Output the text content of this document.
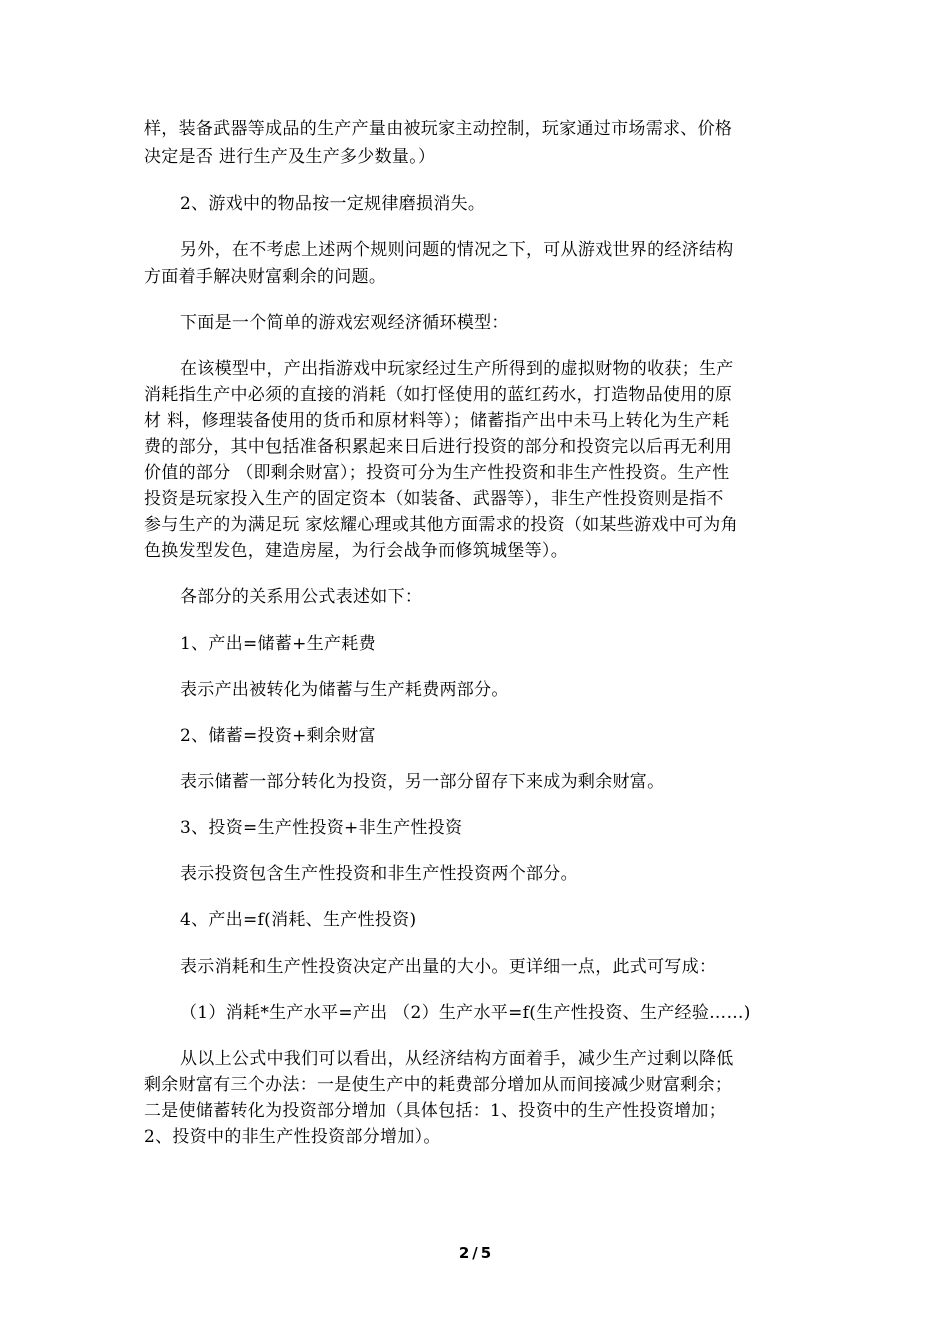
样，装备武器等成品的生产产量由被玩家主动控制，玩家通过市场需求、价格
决定是否 进行生产及生产多少数量。）
2、游戏中的物品按一定规律磨损消失。
另外，在不考虑上述两个规则问题的情况之下，可从游戏世界的经济结构
方面着手解决财富剩余的问题。
下面是一个简单的游戏宏观经济循环模型：
在该模型中，产出指游戏中玩家经过生产所得到的虚拟财物的收获；生产
消耗指生产中必须的直接的消耗（如打怪使用的蓝红药水，打造物品使用的原
材 料，修理装备使用的货币和原材料等）；储蓄指产出中未马上转化为生产耗
费的部分，其中包括准备积累起来日后进行投资的部分和投资完以后再无利用
价值的部分 （即剩余财富）；投资可分为生产性投资和非生产性投资。生产性
投资是玩家投入生产的固定资本（如装备、武器等），非生产性投资则是指不
参与生产的为满足玩 家炫耀心理或其他方面需求的投资（如某些游戏中可为角
色换发型发色，建造房屋，为行会战争而修筑城堡等）。
各部分的关系用公式表述如下：
1、产出=储蓄+生产耗费
表示产出被转化为储蓄与生产耗费两部分。
2、储蓄=投资+剩余财富
表示储蓄一部分转化为投资，另一部分留存下来成为剩余财富。
3、投资=生产性投资+非生产性投资
表示投资包含生产性投资和非生产性投资两个部分。
4、产出=f(消耗、生产性投资)
表示消耗和生产性投资决定产出量的大小。更详细一点，此式可写成：
（1）消耗*生产水平=产出 （2）生产水平=f(生产性投资、生产经验……)
从以上公式中我们可以看出，从经济结构方面着手，减少生产过剩以降低
剩余财富有三个办法：一是使生产中的耗费部分增加从而间接减少财富剩余；
二是使储蓄转化为投资部分增加（具体包括：1、投资中的生产性投资增加；
2、投资中的非生产性投资部分增加）。
2 / 5
